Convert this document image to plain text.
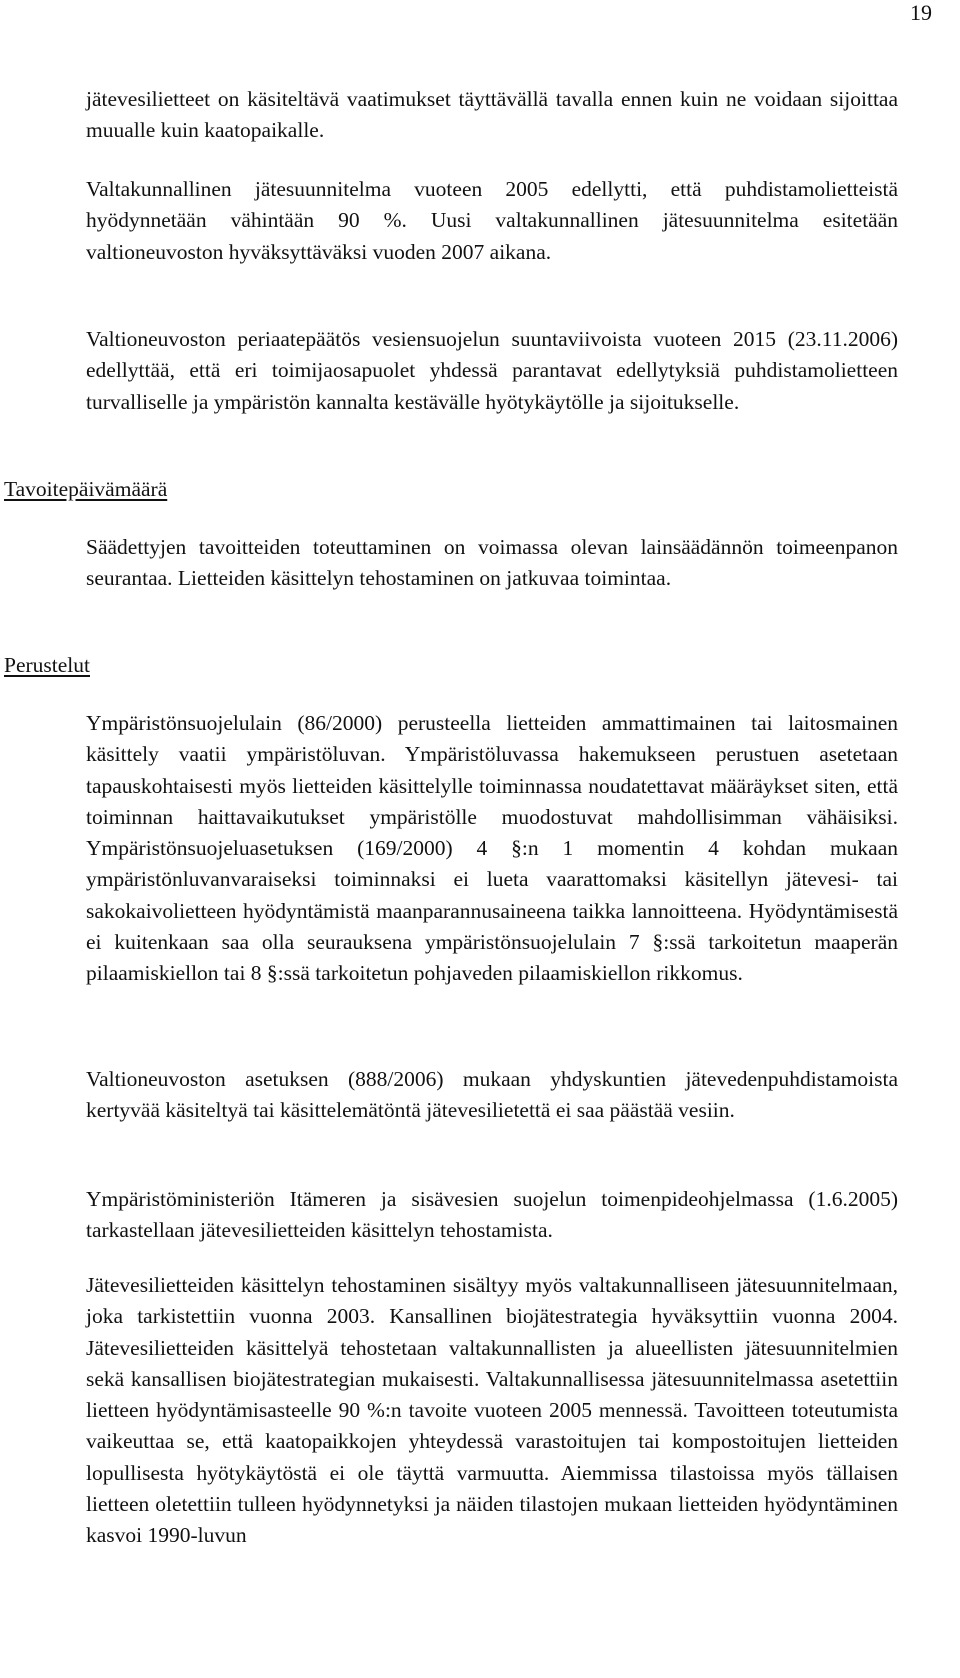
19

jätevesilietteet on käsiteltävä vaatimukset täyttävällä tavalla ennen kuin ne voidaan sijoittaa muualle kuin kaatopaikalle.

Valtakunnallinen jätesuunnitelma vuoteen 2005 edellytti, että puhdistamolietteistä hyödynnetään vähintään 90 %. Uusi valtakunnallinen jätesuunnitelma esitetään valtioneuvoston hyväksyttäväksi vuoden 2007 aikana.

Valtioneuvoston periaatepäätös vesiensuojelun suuntaviivoista vuoteen 2015 (23.11.2006) edellyttää, että eri toimijaosapuolet yhdessä parantavat edellytyksiä puhdistamolietteen turvalliselle ja ympäristön kannalta kestävälle hyötykäytölle ja sijoitukselle.

Tavoitepäivämäärä

Säädettyjen tavoitteiden toteuttaminen on voimassa olevan lainsäädännön toimeenpanon seurantaa. Lietteiden käsittelyn tehostaminen on jatkuvaa toimintaa.

Perustelut

Ympäristönsuojelulain (86/2000) perusteella lietteiden ammattimainen tai laitosmainen käsittely vaatii ympäristöluvan. Ympäristöluvassa hakemukseen perustuen asetetaan tapauskohtaisesti myös lietteiden käsittelylle toiminnassa noudatettavat määräykset siten, että toiminnan haittavaikutukset ympäristölle muodostuvat mahdollisimman vähäisiksi. Ympäristönsuojeluasetuksen (169/2000) 4 §:n 1 momentin 4 kohdan mukaan ympäristönluvanvaraiseksi toiminnaksi ei lueta vaarattomaksi käsitellyn jätevesi- tai sakokaivolietteen hyödyntämistä maanparannusaineena taikka lannoitteena. Hyödyntämisestä ei kuitenkaan saa olla seurauksena ympäristönsuojelulain 7 §:ssä tarkoitetun maaperän pilaamiskiellon tai 8 §:ssä tarkoitetun pohjaveden pilaamiskiellon rikkomus.

Valtioneuvoston asetuksen (888/2006) mukaan yhdyskuntien jätevedenpuhdistamoista kertyvää käsiteltyä tai käsittelemätöntä jätevesilietettä ei saa päästää vesiin.

Ympäristöministeriön Itämeren ja sisävesien suojelun toimenpideohjelmassa (1.6.2005) tarkastellaan jätevesilietteiden käsittelyn tehostamista.

Jätevesilietteiden käsittelyn tehostaminen sisältyy myös valtakunnalliseen jätesuunnitelmaan, joka tarkistettiin vuonna 2003. Kansallinen biojätestrategia hyväksyttiin vuonna 2004. Jätevesilietteiden käsittelyä tehostetaan valtakunnallisten ja alueellisten jätesuunnitelmien sekä kansallisen biojätestrategian mukaisesti. Valtakunnallisessa jätesuunnitelmassa asetettiin lietteen hyödyntämisasteelle 90 %:n tavoite vuoteen 2005 mennessä. Tavoitteen toteutumista vaikeuttaa se, että kaatopaikkojen yhteydessä varastoitujen tai kompostoitujen lietteiden lopullisesta hyötykäytöstä ei ole täyttä varmuutta. Aiemmissa tilastoissa myös tällaisen lietteen oletettiin tulleen hyödynnetyksi ja näiden tilastojen mukaan lietteiden hyödyntäminen kasvoi 1990-luvun
